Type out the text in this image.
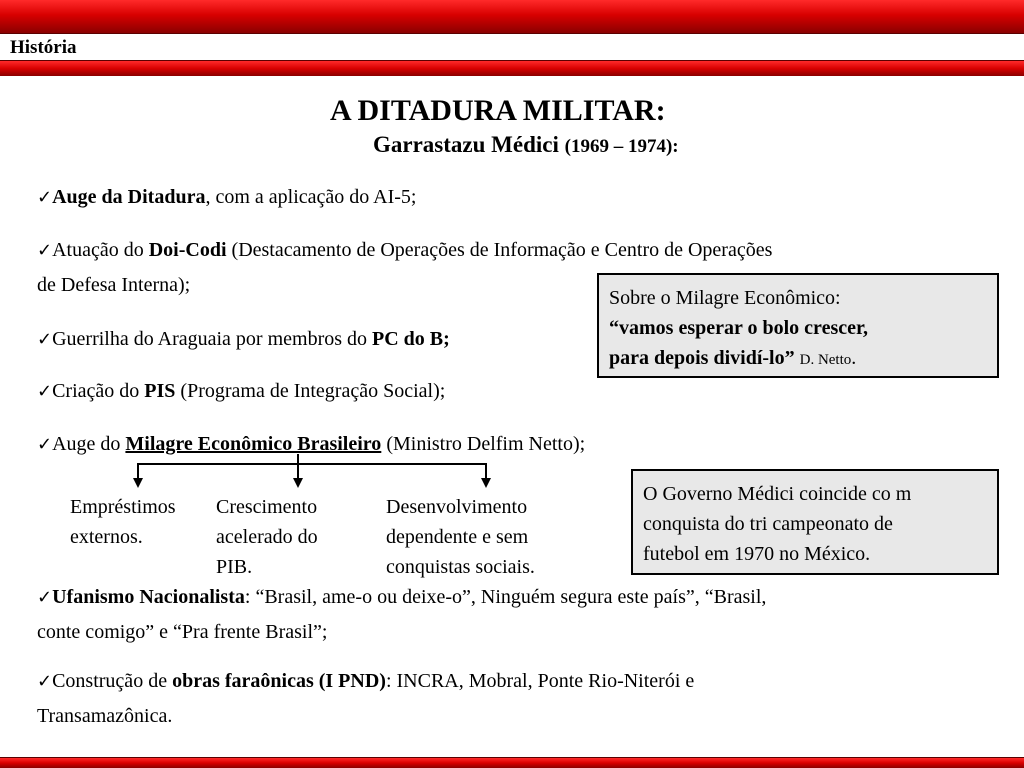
História
A DITADURA MILITAR:
Garrastazu Médici (1969 – 1974):
✓Auge da Ditadura, com a aplicação do AI-5;
✓Atuação do Doi-Codi (Destacamento de Operações de Informação e Centro de Operações
de Defesa Interna);
✓Guerrilha do Araguaia por membros do PC do B;
✓Criação do PIS (Programa de Integração Social);
✓Auge do Milagre Econômico Brasileiro (Ministro Delfim Netto);
Empréstimos
externos.
Crescimento
acelerado do
PIB.
Desenvolvimento
dependente e sem
conquistas sociais.
✓Ufanismo Nacionalista: “Brasil, ame-o ou deixe-o”, Ninguém segura este país”, “Brasil,
conte comigo” e “Pra frente Brasil”;
✓Construção de obras faraônicas (I PND): INCRA, Mobral, Ponte Rio-Niterói e
Transamazônica.
Sobre o Milagre Econômico:
“vamos esperar o bolo crescer,
para depois dividí-lo” D. Netto.
O Governo Médici coincide co m
conquista do tri campeonato de
futebol em 1970 no México.
